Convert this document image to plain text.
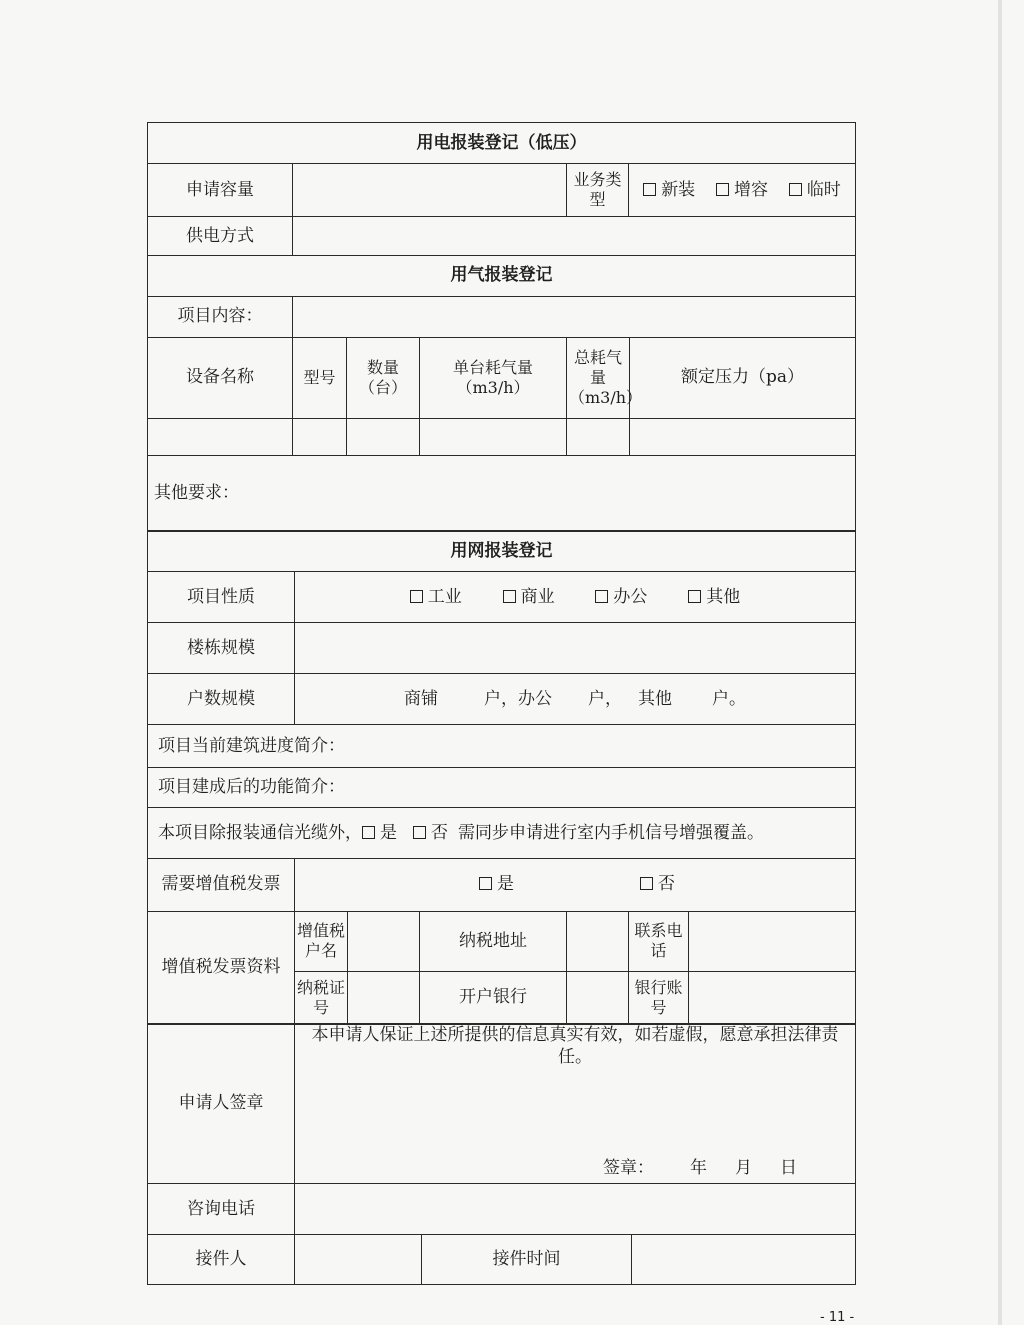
用电报装登记（低压）			
申请容量		业务类型	新装 增容 临时
供电方式			
用气报装登记					
项目内容：					
设备名称	型号	数量（台）	单台耗气量（m3/h）	总耗气量（m3/h）	额定压力（pa）

其他要求：					
用网报装登记	
项目性质	工业 商业 办公 其他
楼栋规模	
户数规模	商铺 户，办公 户， 其他 户。
项目当前建筑进度简介：	
项目建成后的功能简介：	
本项目除报装通信光缆外， 是 否 需同步申请进行室内手机信号增强覆盖。	
需要增值税发票	是 否					
增值税发票资料	增值税户名		纳税地址		联系电话	
	纳税证号		开户银行		银行账号	
申请人签章	本申请人保证上述所提供的信息真实有效，如若虚假，愿意承担法律责任。
签章： 年 月 日		

咨询电话			
接件人		接件时间	
- 11 -
